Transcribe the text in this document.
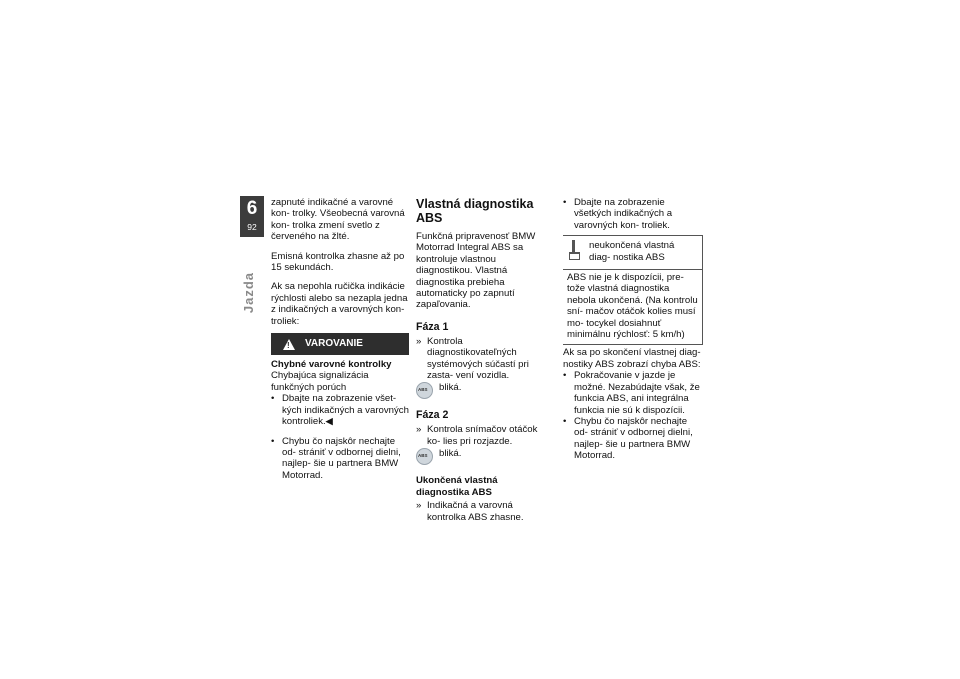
6
92
Jazda

zapnuté indikačné a varovné kon- trolky. Všeobecná varovná kon- trolka zmení svetlo z červeného na žlté.

Emisná kontrolka zhasne až po 15 sekundách.

Ak sa nepohla ručička indikácie rýchlosti alebo sa nezapla jedna z indikačných a varovných kon- troliek:

!
VAROVANIE

Chybné varovné kontrolky

Chybajúca signalizácia funkčných porúch

• Dbajte na zobrazenie všet- kých indikačných a varovných kontroliek.◀
• Chybu čo najskôr nechajte od- strániť v odbornej dielni, najlep- šie u partnera BMW Motorrad.

Vlastná diagnostika ABS

Funkčná pripravenosť BMW Motorrad Integral ABS sa kontroluje vlastnou diagnostikou. Vlastná diagnostika prebieha automaticky po zapnutí zapaľovania.

Fáza 1

» Kontrola diagnostikovateľných systémových súčastí pri zasta- vení vozidla.
ABS bliká.

Fáza 2

» Kontrola snímačov otáčok ko- lies pri rozjazde.
ABS bliká.

Ukončená vlastná

diagnostika ABS

» Indikačná a varovná kontrolka ABS zhasne.
• Dbajte na zobrazenie všetkých indikačných a varovných kon- troliek.
neukončená vlastná diag- nostika ABS
ABS nie je k dispozícii, pre- tože vlastná diagnostika nebola ukončená. (Na kontrolu sní- mačov otáčok kolies musí mo- tocykel dosiahnuť minimálnu rýchlosť: 5 km/h)

Ak sa po skončení vlastnej diag- nostiky ABS zobrazí chyba ABS:

• Pokračovanie v jazde je možné. Nezabúdajte však, že funkcia ABS, ani integrálna funkcia nie sú k dispozícii.
• Chybu čo najskôr nechajte od- strániť v odbornej dielni, najlep- šie u partnera BMW Motorrad.
